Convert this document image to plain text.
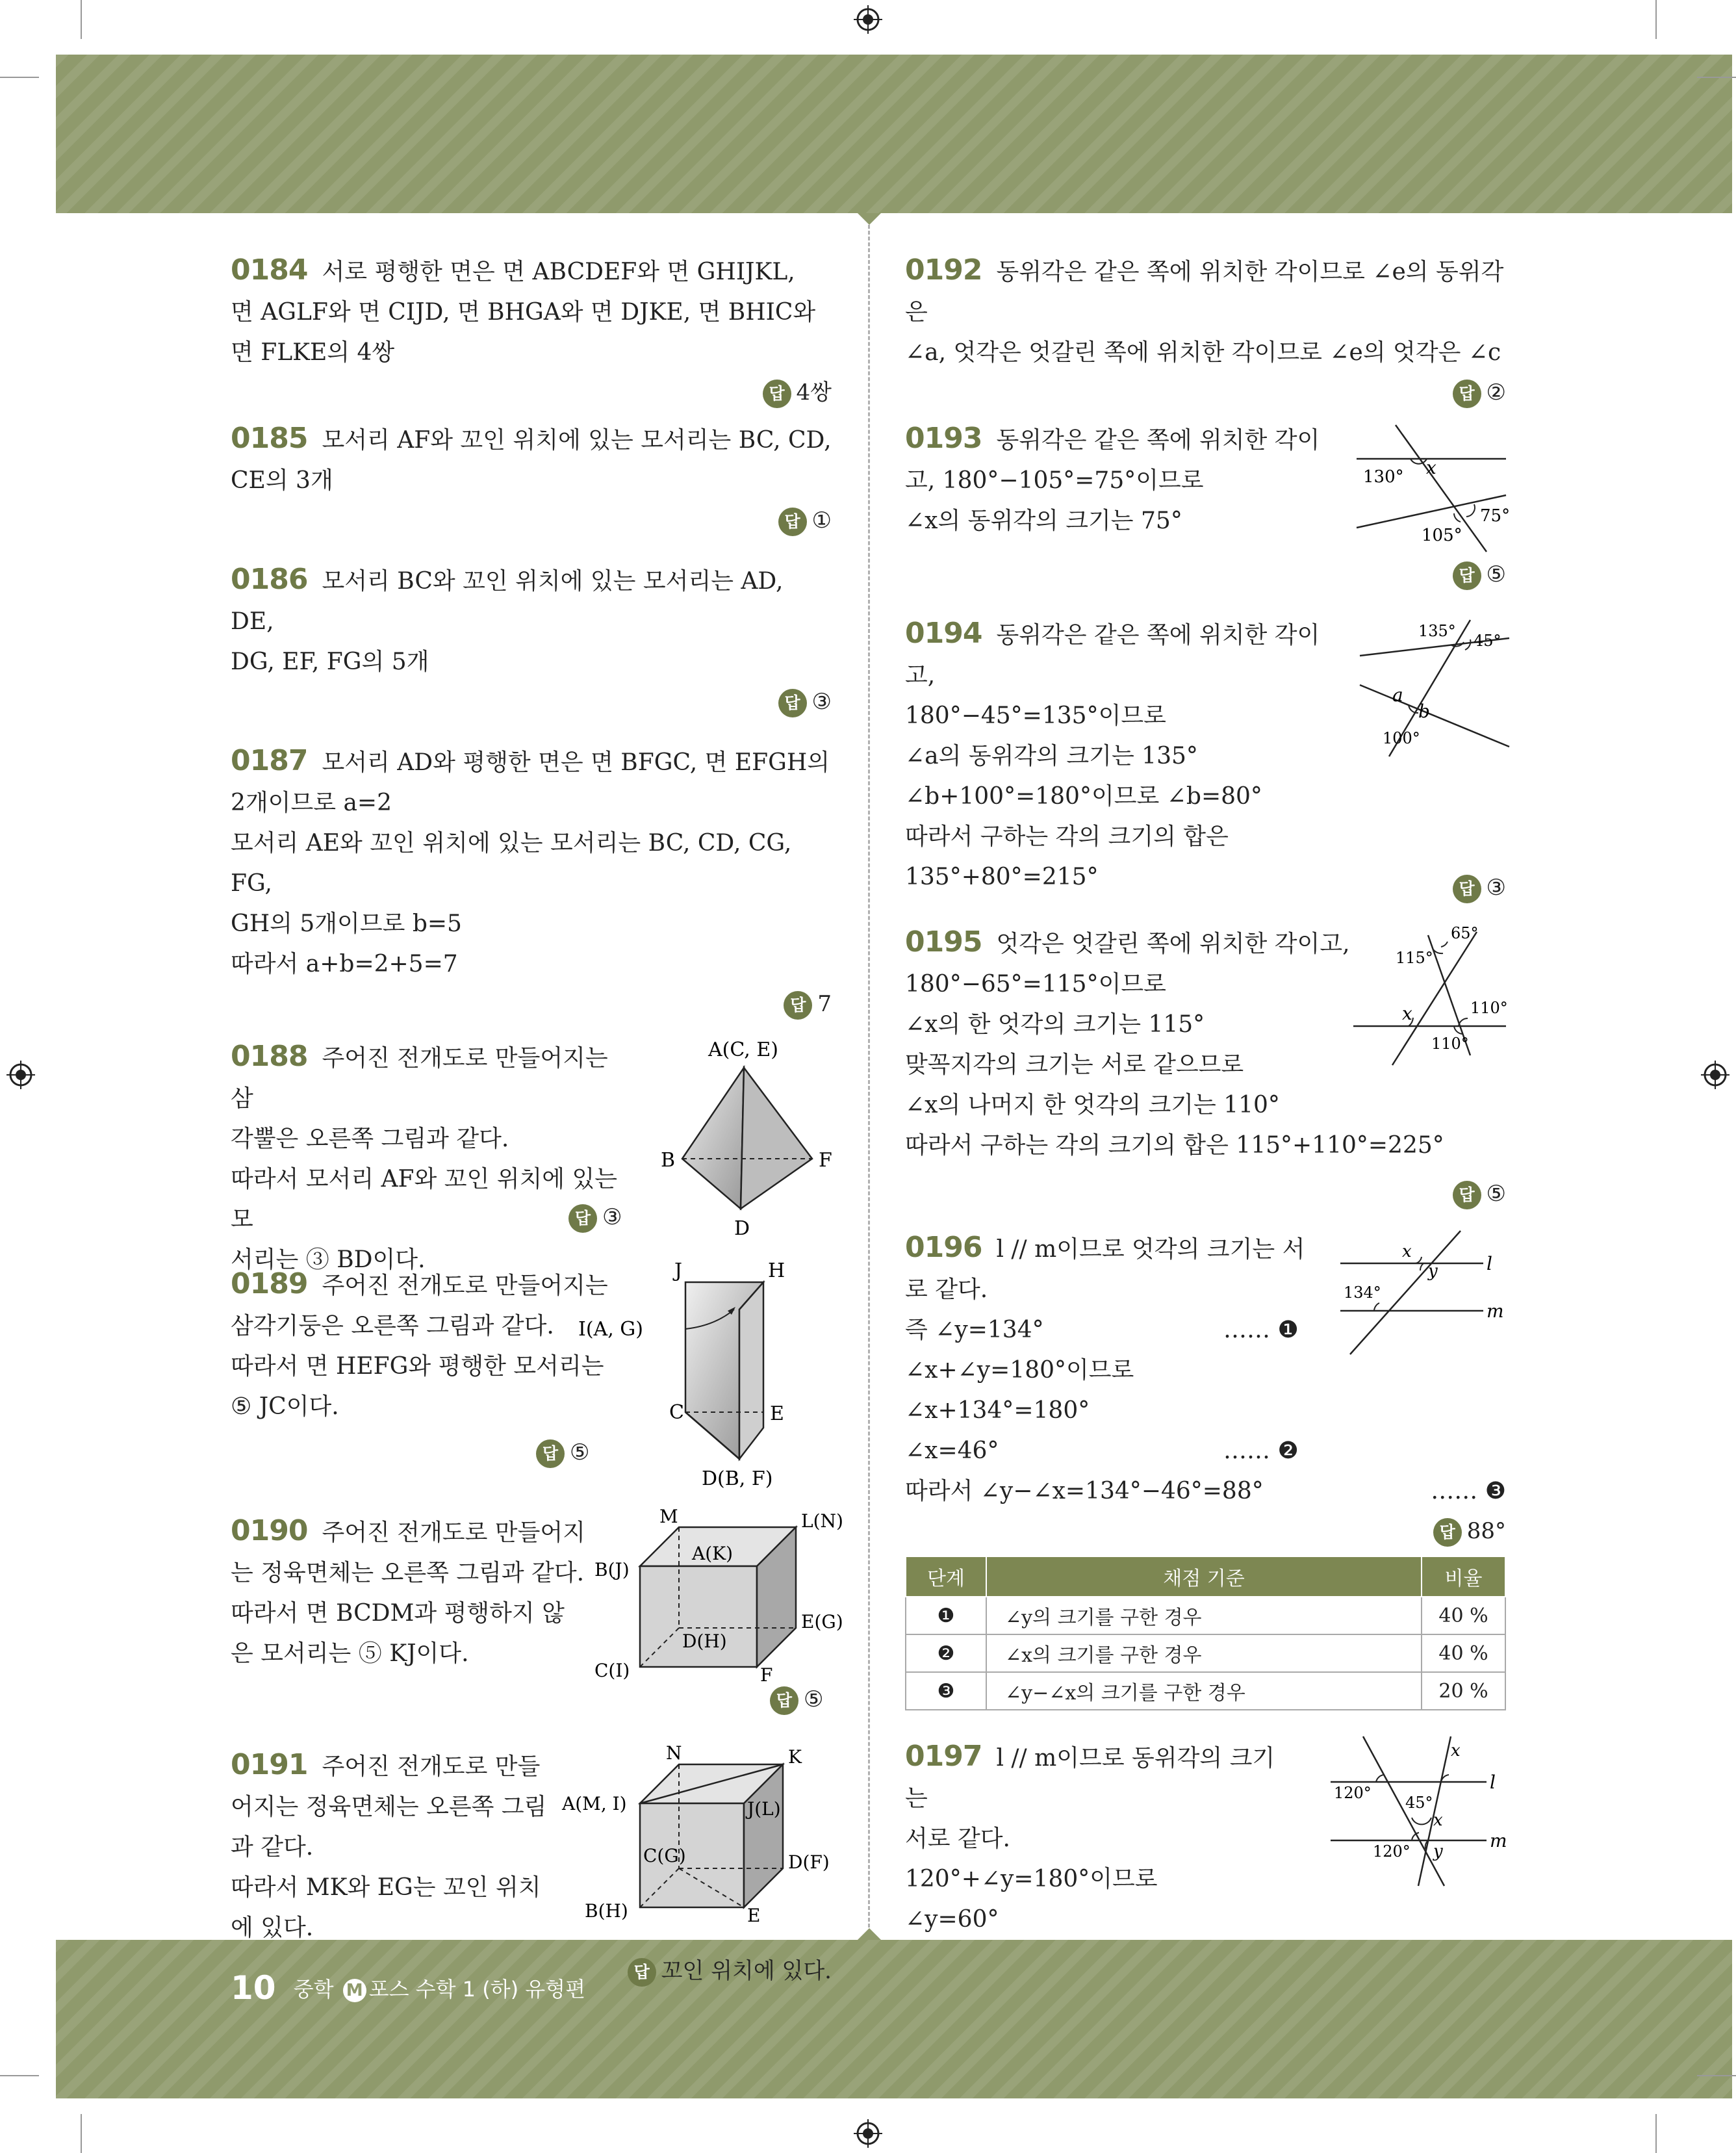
0184 서로 평행한 면은 면 ABCDEF와 면 GHIJKL,
면 AGLF와 면 CIJD, 면 BHGA와 면 DJKE, 면 BHIC와
면 FLKE의 4쌍
답 4쌍
0185 모서리 AF와 꼬인 위치에 있는 모서리는 BC, CD,
CE의 3개
답 ①
0186 모서리 BC와 꼬인 위치에 있는 모서리는 AD, DE,
DG, EF, FG의 5개
답 ③
0187 모서리 AD와 평행한 면은 면 BFGC, 면 EFGH의
2개이므로 a=2
모서리 AE와 꼬인 위치에 있는 모서리는 BC, CD, CG, FG,
GH의 5개이므로 b=5
따라서 a+b=2+5=7
답 7
0188 주어진 전개도로 만들어지는 삼
각뿔은 오른쪽 그림과 같다.
따라서 모서리 AF와 꼬인 위치에 있는 모
서리는 ③ BD이다.
답 ③
A(C, E)
B	F
D
0189 주어진 전개도로 만들어지는
삼각기둥은 오른쪽 그림과 같다.
따라서 면 HEFG와 평행한 모서리는
⑤ JC이다.
답 ⑤
J	H
I(A, G)
C	E
D(B, F)
0190 주어진 전개도로 만들어지
는 정육면체는 오른쪽 그림과 같다.
따라서 면 BCDM과 평행하지 않
은 모서리는 ⑤ KJ이다.
답 ⑤
M	L(N)
A(K)
B(J)
E(G)
D(H)
C(I)	F
0191 주어진 전개도로 만들
어지는 정육면체는 오른쪽 그림
과 같다.
따라서 MK와 EG는 꼬인 위치
에 있다.
답 꼬인 위치에 있다.
N	K
A(M, I)	J(L)
C(G)	D(F)
B(H)	E
0192 동위각은 같은 쪽에 위치한 각이므로 ∠e의 동위각은
∠a, 엇각은 엇갈린 쪽에 위치한 각이므로 ∠e의 엇각은 ∠c
답 ②
0193 동위각은 같은 쪽에 위치한 각이
고, 180°−105°=75°이므로
∠x의 동위각의 크기는 75°
답 ⑤
130° x
75°
105°
0194 동위각은 같은 쪽에 위치한 각이고,
180°−45°=135°이므로
∠a의 동위각의 크기는 135°
∠b+100°=180°이므로 ∠b=80°
따라서 구하는 각의 크기의 합은
135°+80°=215°	답 ③
135°
45°
a
b
100°
0195 엇각은 엇갈린 쪽에 위치한 각이고,
180°−65°=115°이므로
∠x의 한 엇각의 크기는 115°
맞꼭지각의 크기는 서로 같으므로
∠x의 나머지 한 엇각의 크기는 110°
따라서 구하는 각의 크기의 합은 115°+110°=225°
답 ⑤
65°
115°
x	110°
110°
0196 l // m이므로 엇각의 크기는 서
로 같다.
즉 ∠y=134°	…… ❶
∠x+∠y=180°이므로
∠x+134°=180°
∠x=46°	…… ❷
따라서 ∠y−∠x=134°−46°=88°	…… ❸
답 88°
l
m
x
y
134°
단계	채점 기준	비율
❶	∠y의 크기를 구한 경우	40 %
❷	∠x의 크기를 구한 경우	40 %
❸	∠y−∠x의 크기를 구한 경우	20 %
0197 l // m이므로 동위각의 크기는
서로 같다.
120°+∠y=180°이므로
∠y=60°
x
l
120°
45°
x
m
120° y
10 중학 M 포스 수학 1 (하) 유형편
